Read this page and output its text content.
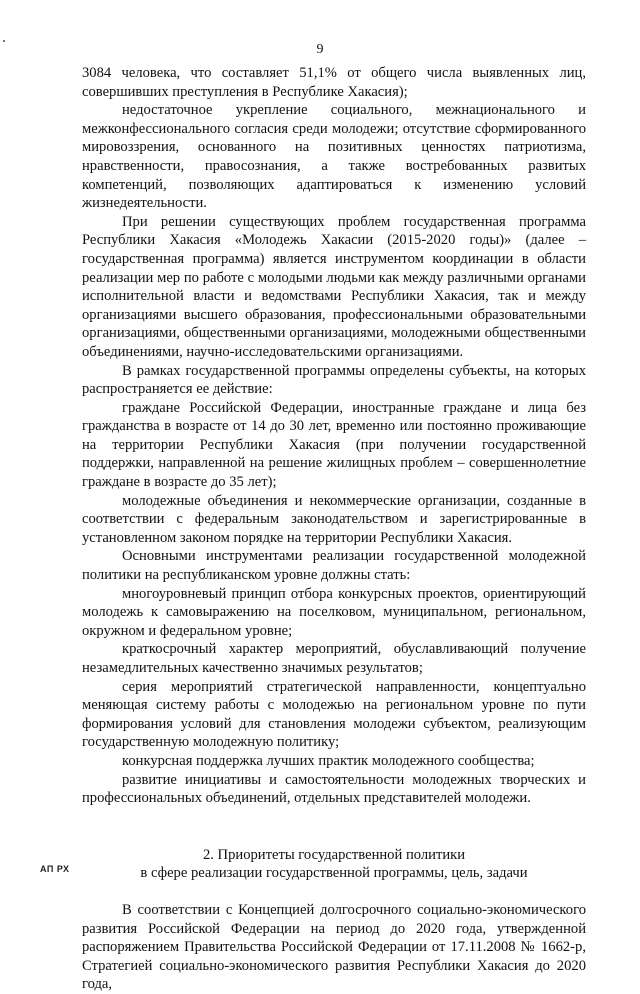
9

3084 человека, что составляет 51,1% от общего числа выявленных лиц, совершивших преступления в Республике Хакасия);

недостаточное укрепление социального, межнационального и межконфессионального согласия среди молодежи; отсутствие сформированного мировоззрения, основанного на позитивных ценностях патриотизма, нравственности, правосознания, а также востребованных развитых компетенций, позволяющих адаптироваться к изменению условий жизнедеятельности.

При решении существующих проблем государственная программа Республики Хакасия «Молодежь Хакасии (2015-2020 годы)» (далее – государственная программа) является инструментом координации в области реализации мер по работе с молодыми людьми как между различными органами исполнительной власти и ведомствами Республики Хакасия, так и между организациями высшего образования, профессиональными образовательными организациями, общественными организациями, молодежными общественными объединениями, научно-исследовательскими организациями.

В рамках государственной программы определены субъекты, на которых распространяется ее действие:

граждане Российской Федерации, иностранные граждане и лица без гражданства в возрасте от 14 до 30 лет, временно или постоянно проживающие на территории Республики Хакасия (при получении государственной поддержки, направленной на решение жилищных проблем – совершеннолетние граждане в возрасте до 35 лет);

молодежные объединения и некоммерческие организации, созданные в соответствии с федеральным законодательством и зарегистрированные в установленном законом порядке на территории Республики Хакасия.

Основными инструментами реализации государственной молодежной политики на республиканском уровне должны стать:

многоуровневый принцип отбора конкурсных проектов, ориентирующий молодежь к самовыражению на поселковом, муниципальном, региональном, окружном и федеральном уровне;

краткосрочный характер мероприятий, обуславливающий получение незамедлительных качественно значимых результатов;

серия мероприятий стратегической направленности, концептуально меняющая систему работы с молодежью на региональном уровне по пути формирования условий для становления молодежи субъектом, реализующим государственную молодежную политику;

конкурсная поддержка лучших практик молодежного сообщества;

развитие инициативы и самостоятельности молодежных творческих и профессиональных объединений, отдельных представителей молодежи.

2. Приоритеты государственной политики

в сфере реализации государственной программы, цель, задачи

В соответствии с Концепцией долгосрочного социально-экономического развития Российской Федерации на период до 2020 года, утвержденной распоряжением Правительства Российской Федерации от 17.11.2008 № 1662-р, Стратегией социально-экономического развития Республики Хакасия до 2020 года,

АП РХ
